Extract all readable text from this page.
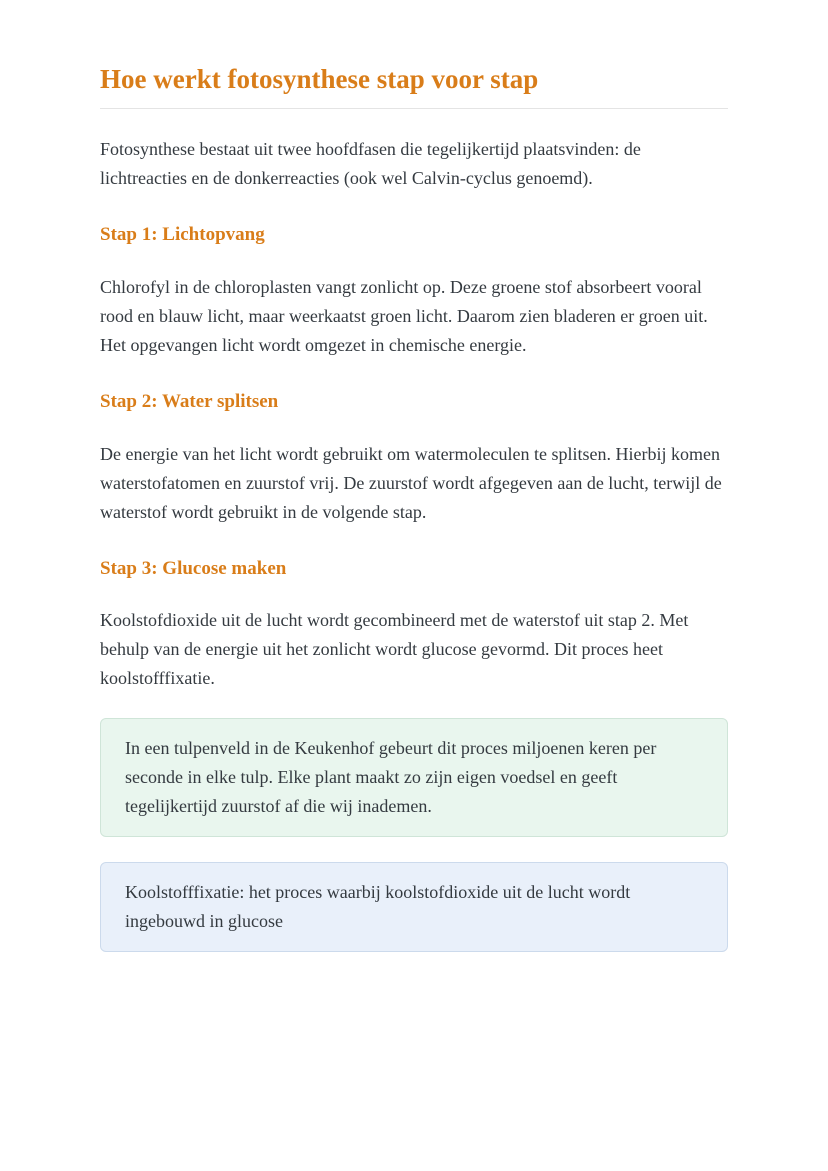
Hoe werkt fotosynthese stap voor stap

Fotosynthese bestaat uit twee hoofdfasen die tegelijkertijd plaatsvinden: de lichtreacties en de donkerreacties (ook wel Calvin-cyclus genoemd).

Stap 1: Lichtopvang

Chlorofyl in de chloroplasten vangt zonlicht op. Deze groene stof absorbeert vooral rood en blauw licht, maar weerkaatst groen licht. Daarom zien bladeren er groen uit. Het opgevangen licht wordt omgezet in chemische energie.

Stap 2: Water splitsen

De energie van het licht wordt gebruikt om watermoleculen te splitsen. Hierbij komen waterstofatomen en zuurstof vrij. De zuurstof wordt afgegeven aan de lucht, terwijl de waterstof wordt gebruikt in de volgende stap.

Stap 3: Glucose maken

Koolstofdioxide uit de lucht wordt gecombineerd met de waterstof uit stap 2. Met behulp van de energie uit het zonlicht wordt glucose gevormd. Dit proces heet koolstofffixatie.

In een tulpenveld in de Keukenhof gebeurt dit proces miljoenen keren per seconde in elke tulp. Elke plant maakt zo zijn eigen voedsel en geeft tegelijkertijd zuurstof af die wij inademen.
Koolstofffixatie: het proces waarbij koolstofdioxide uit de lucht wordt ingebouwd in glucose
